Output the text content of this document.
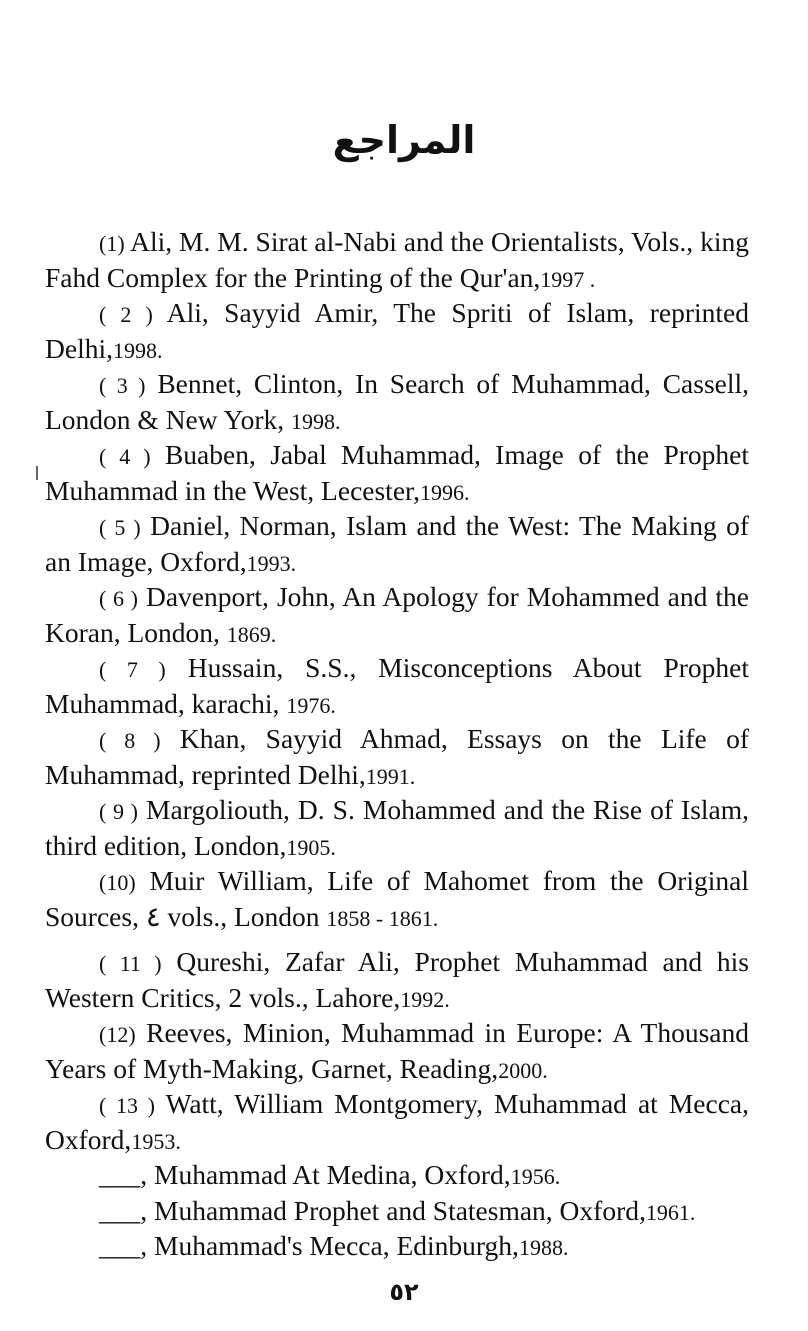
المراجع

(1) Ali, M. M. Sirat al-Nabi and the Orientalists, Vols., king Fahd Complex for the Printing of the Qur'an,1997 .

( 2 ) Ali, Sayyid Amir, The Spriti of Islam, reprinted Delhi,1998.

( 3 ) Bennet, Clinton, In Search of Muhammad, Cassell, London & New York, 1998.

( 4 ) Buaben, Jabal Muhammad, Image of the Prophet Muhammad in the West, Lecester,1996.

( 5 ) Daniel, Norman, Islam and the West: The Making of an Image, Oxford,1993.

( 6 ) Davenport, John, An Apology for Mohammed and the Koran, London, 1869.

( 7 ) Hussain, S.S., Misconceptions About Prophet Muhammad, karachi, 1976.

( 8 ) Khan, Sayyid Ahmad, Essays on the Life of Muhammad, reprinted Delhi,1991.

( 9 ) Margoliouth, D. S. Mohammed and the Rise of Islam, third edition, London,1905.

(10) Muir William, Life of Mahomet from the Original Sources, ٤ vols., London 1858 - 1861.

( 11 ) Qureshi, Zafar Ali, Prophet Muhammad and his Western Critics, 2 vols., Lahore,1992.

(12) Reeves, Minion, Muhammad in Europe: A Thousand Years of Myth-Making, Garnet, Reading,2000.

( 13 ) Watt, William Montgomery, Muhammad at Mecca, Oxford,1953.

___, Muhammad At Medina, Oxford,1956.
___, Muhammad Prophet and Statesman, Oxford,1961.
___, Muhammad's Mecca, Edinburgh,1988.
٥٢
